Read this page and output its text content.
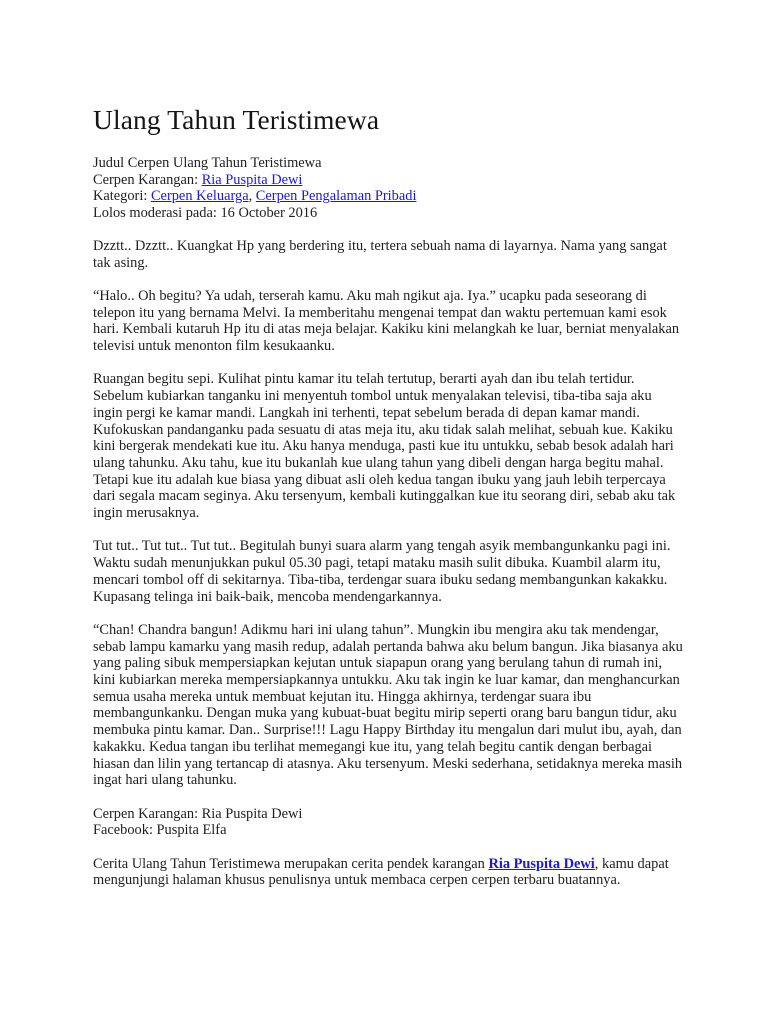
Ulang Tahun Teristimewa
Judul Cerpen Ulang Tahun Teristimewa
Cerpen Karangan: Ria Puspita Dewi
Kategori: Cerpen Keluarga, Cerpen Pengalaman Pribadi
Lolos moderasi pada: 16 October 2016

Dzztt.. Dzztt.. Kuangkat Hp yang berdering itu, tertera sebuah nama di layarnya. Nama yang sangat tak asing.

“Halo.. Oh begitu? Ya udah, terserah kamu. Aku mah ngikut aja. Iya.” ucapku pada seseorang di telepon itu yang bernama Melvi. Ia memberitahu mengenai tempat dan waktu pertemuan kami esok hari. Kembali kutaruh Hp itu di atas meja belajar. Kakiku kini melangkah ke luar, berniat menyalakan televisi untuk menonton film kesukaanku.

Ruangan begitu sepi. Kulihat pintu kamar itu telah tertutup, berarti ayah dan ibu telah tertidur. Sebelum kubiarkan tanganku ini menyentuh tombol untuk menyalakan televisi, tiba-tiba saja aku ingin pergi ke kamar mandi. Langkah ini terhenti, tepat sebelum berada di depan kamar mandi. Kufokuskan pandanganku pada sesuatu di atas meja itu, aku tidak salah melihat, sebuah kue. Kakiku kini bergerak mendekati kue itu. Aku hanya menduga, pasti kue itu untukku, sebab besok adalah hari ulang tahunku. Aku tahu, kue itu bukanlah kue ulang tahun yang dibeli dengan harga begitu mahal. Tetapi kue itu adalah kue biasa yang dibuat asli oleh kedua tangan ibuku yang jauh lebih terpercaya dari segala macam seginya. Aku tersenyum, kembali kutinggalkan kue itu seorang diri, sebab aku tak ingin merusaknya.

Tut tut.. Tut tut.. Tut tut.. Begitulah bunyi suara alarm yang tengah asyik membangunkanku pagi ini. Waktu sudah menunjukkan pukul 05.30 pagi, tetapi mataku masih sulit dibuka. Kuambil alarm itu, mencari tombol off di sekitarnya. Tiba-tiba, terdengar suara ibuku sedang membangunkan kakakku. Kupasang telinga ini baik-baik, mencoba mendengarkannya.

“Chan! Chandra bangun! Adikmu hari ini ulang tahun”. Mungkin ibu mengira aku tak mendengar, sebab lampu kamarku yang masih redup, adalah pertanda bahwa aku belum bangun. Jika biasanya aku yang paling sibuk mempersiapkan kejutan untuk siapapun orang yang berulang tahun di rumah ini, kini kubiarkan mereka mempersiapkannya untukku. Aku tak ingin ke luar kamar, dan menghancurkan semua usaha mereka untuk membuat kejutan itu. Hingga akhirnya, terdengar suara ibu membangunkanku. Dengan muka yang kubuat-buat begitu mirip seperti orang baru bangun tidur, aku membuka pintu kamar. Dan.. Surprise!!! Lagu Happy Birthday itu mengalun dari mulut ibu, ayah, dan kakakku. Kedua tangan ibu terlihat memegangi kue itu, yang telah begitu cantik dengan berbagai hiasan dan lilin yang tertancap di atasnya. Aku tersenyum. Meski sederhana, setidaknya mereka masih ingat hari ulang tahunku.

Cerpen Karangan: Ria Puspita Dewi
Facebook: Puspita Elfa

Cerita Ulang Tahun Teristimewa merupakan cerita pendek karangan Ria Puspita Dewi, kamu dapat mengunjungi halaman khusus penulisnya untuk membaca cerpen cerpen terbaru buatannya.
